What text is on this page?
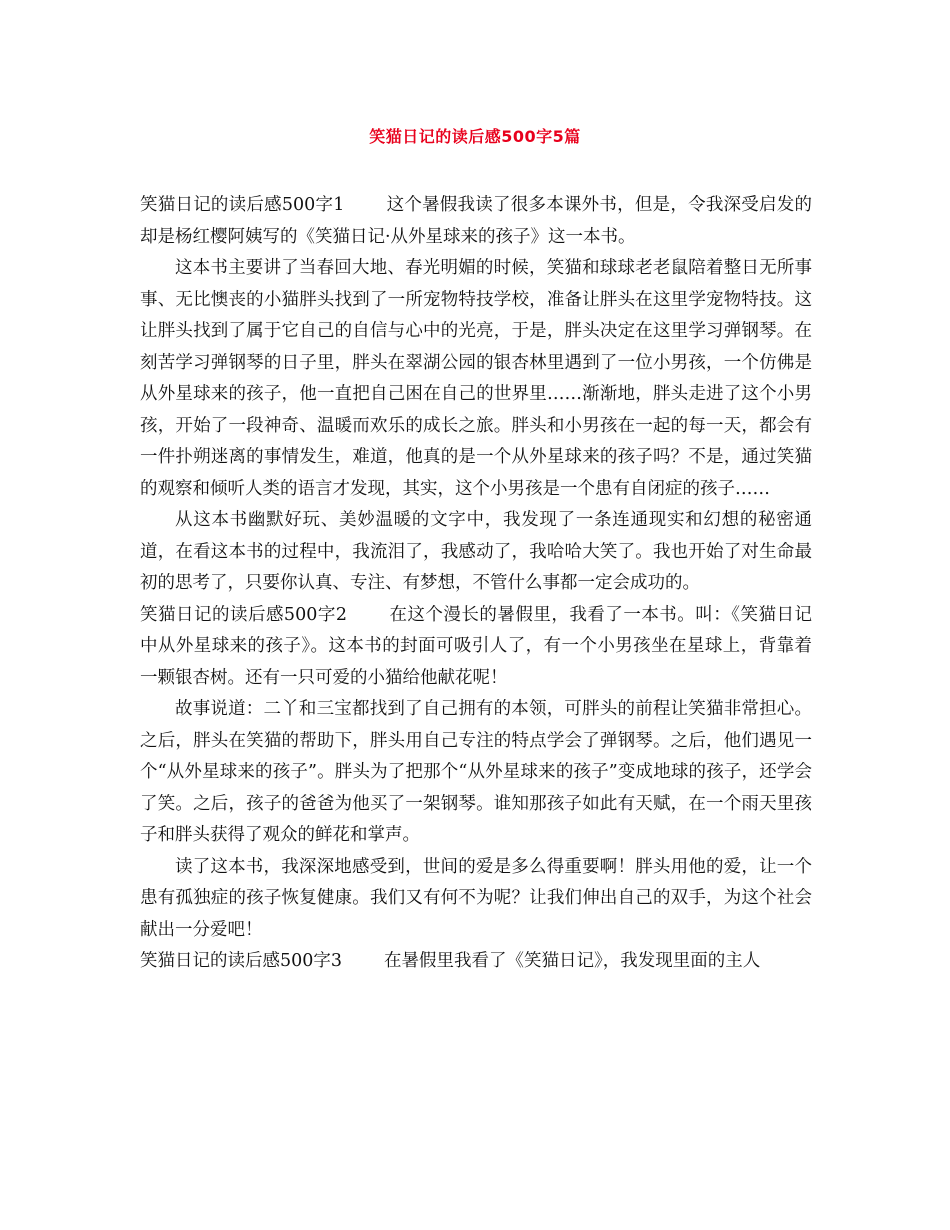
笑猫日记的读后感500字5篇

笑猫日记的读后感500字1 这个暑假我读了很多本课外书，但是，令我深受启发的却是杨红樱阿姨写的《笑猫日记·从外星球来的孩子》这一本书。

这本书主要讲了当春回大地、春光明媚的时候，笑猫和球球老老鼠陪着整日无所事事、无比懊丧的小猫胖头找到了一所宠物特技学校，准备让胖头在这里学宠物特技。这让胖头找到了属于它自己的自信与心中的光亮，于是，胖头决定在这里学习弹钢琴。在刻苦学习弹钢琴的日子里，胖头在翠湖公园的银杏林里遇到了一位小男孩，一个仿佛是从外星球来的孩子，他一直把自己困在自己的世界里……渐渐地，胖头走进了这个小男孩，开始了一段神奇、温暖而欢乐的成长之旅。胖头和小男孩在一起的每一天，都会有一件扑朔迷离的事情发生，难道，他真的是一个从外星球来的孩子吗？不是，通过笑猫的观察和倾听人类的语言才发现，其实，这个小男孩是一个患有自闭症的孩子……

从这本书幽默好玩、美妙温暖的文字中，我发现了一条连通现实和幻想的秘密通道，在看这本书的过程中，我流泪了，我感动了，我哈哈大笑了。我也开始了对生命最初的思考了，只要你认真、专注、有梦想，不管什么事都一定会成功的。

笑猫日记的读后感500字2 在这个漫长的暑假里，我看了一本书。叫：《笑猫日记中从外星球来的孩子》。这本书的封面可吸引人了，有一个小男孩坐在星球上，背靠着一颗银杏树。还有一只可爱的小猫给他献花呢！

故事说道：二丫和三宝都找到了自己拥有的本领，可胖头的前程让笑猫非常担心。之后，胖头在笑猫的帮助下，胖头用自己专注的特点学会了弹钢琴。之后，他们遇见一个“从外星球来的孩子”。胖头为了把那个“从外星球来的孩子”变成地球的孩子，还学会了笑。之后，孩子的爸爸为他买了一架钢琴。谁知那孩子如此有天赋，在一个雨天里孩子和胖头获得了观众的鲜花和掌声。

读了这本书，我深深地感受到，世间的爱是多么得重要啊！胖头用他的爱，让一个患有孤独症的孩子恢复健康。我们又有何不为呢？让我们伸出自己的双手，为这个社会献出一分爱吧！

笑猫日记的读后感500字3 在暑假里我看了《笑猫日记》，我发现里面的主人
